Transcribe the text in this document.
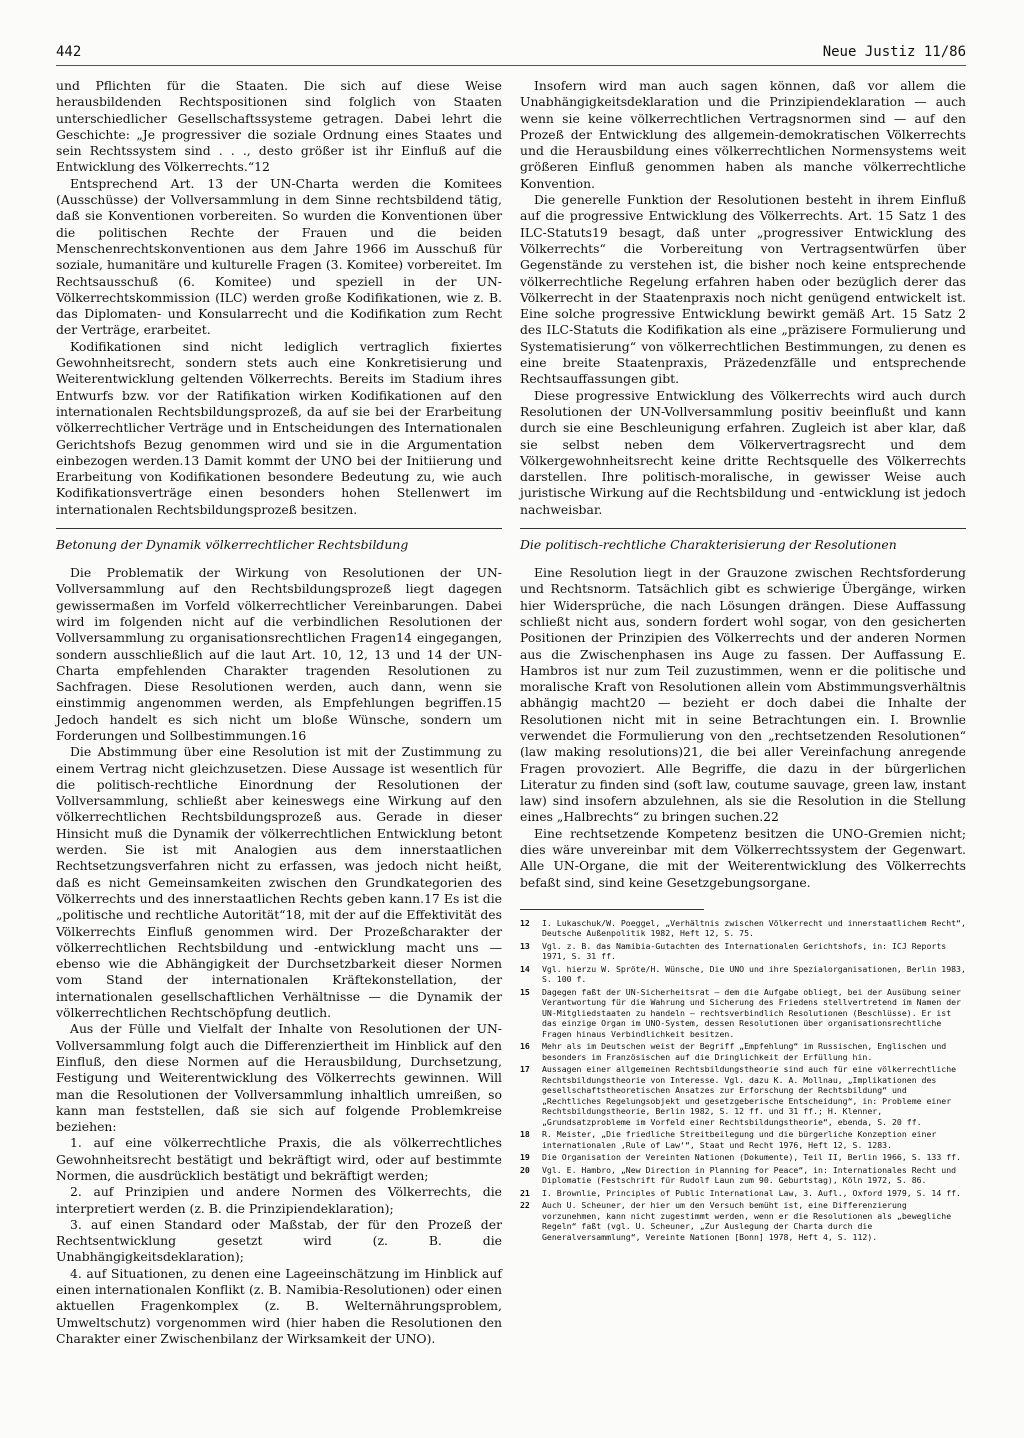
442	Neue Justiz 11/86

und Pflichten für die Staaten. Die sich auf diese Weise herausbildenden Rechtspositionen sind folglich von Staaten unterschiedlicher Gesellschaftssysteme getragen. Dabei lehrt die Geschichte: „Je progressiver die soziale Ordnung eines Staates und sein Rechtssystem sind . . ., desto größer ist ihr Einfluß auf die Entwicklung des Völkerrechts.“12

Entsprechend Art. 13 der UN-Charta werden die Komitees (Ausschüsse) der Vollversammlung in dem Sinne rechtsbildend tätig, daß sie Konventionen vorbereiten. So wurden die Konventionen über die politischen Rechte der Frauen und die beiden Menschenrechtskonventionen aus dem Jahre 1966 im Ausschuß für soziale, humanitäre und kulturelle Fragen (3. Komitee) vorbereitet. Im Rechtsausschuß (6. Komitee) und speziell in der UN-Völkerrechtskommission (ILC) werden große Kodifikationen, wie z. B. das Diplomaten- und Konsularrecht und die Kodifikation zum Recht der Verträge, erarbeitet.

Kodifikationen sind nicht lediglich vertraglich fixiertes Gewohnheitsrecht, sondern stets auch eine Konkretisierung und Weiterentwicklung geltenden Völkerrechts. Bereits im Stadium ihres Entwurfs bzw. vor der Ratifikation wirken Kodifikationen auf den internationalen Rechtsbildungsprozeß, da auf sie bei der Erarbeitung völkerrechtlicher Verträge und in Entscheidungen des Internationalen Gerichtshofs Bezug genommen wird und sie in die Argumentation einbezogen werden.13 Damit kommt der UNO bei der Initiierung und Erarbeitung von Kodifikationen besondere Bedeutung zu, wie auch Kodifikationsverträge einen besonders hohen Stellenwert im internationalen Rechtsbildungsprozeß besitzen.

Betonung der Dynamik völkerrechtlicher Rechtsbildung

Die Problematik der Wirkung von Resolutionen der UN-Vollversammlung auf den Rechtsbildungsprozeß liegt dagegen gewissermaßen im Vorfeld völkerrechtlicher Vereinbarungen. Dabei wird im folgenden nicht auf die verbindlichen Resolutionen der Vollversammlung zu organisationsrechtlichen Fragen14 eingegangen, sondern ausschließlich auf die laut Art. 10, 12, 13 und 14 der UN-Charta empfehlenden Charakter tragenden Resolutionen zu Sachfragen. Diese Resolutionen werden, auch dann, wenn sie einstimmig angenommen werden, als Empfehlungen begriffen.15 Jedoch handelt es sich nicht um bloße Wünsche, sondern um Forderungen und Sollbestimmungen.16

Die Abstimmung über eine Resolution ist mit der Zustimmung zu einem Vertrag nicht gleichzusetzen. Diese Aussage ist wesentlich für die politisch-rechtliche Einordnung der Resolutionen der Vollversammlung, schließt aber keineswegs eine Wirkung auf den völkerrechtlichen Rechtsbildungsprozeß aus. Gerade in dieser Hinsicht muß die Dynamik der völkerrechtlichen Entwicklung betont werden. Sie ist mit Analogien aus dem innerstaatlichen Rechtsetzungsverfahren nicht zu erfassen, was jedoch nicht heißt, daß es nicht Gemeinsamkeiten zwischen den Grundkategorien des Völkerrechts und des innerstaatlichen Rechts geben kann.17 Es ist die „politische und rechtliche Autorität“18, mit der auf die Effektivität des Völkerrechts Einfluß genommen wird. Der Prozeßcharakter der völkerrechtlichen Rechtsbildung und -entwicklung macht uns — ebenso wie die Abhängigkeit der Durchsetzbarkeit dieser Normen vom Stand der internationalen Kräftekonstellation, der internationalen gesellschaftlichen Verhältnisse — die Dynamik der völkerrechtlichen Rechtschöpfung deutlich.

Aus der Fülle und Vielfalt der Inhalte von Resolutionen der UN-Vollversammlung folgt auch die Differenziertheit im Hinblick auf den Einfluß, den diese Normen auf die Herausbildung, Durchsetzung, Festigung und Weiterentwicklung des Völkerrechts gewinnen. Will man die Resolutionen der Vollversammlung inhaltlich umreißen, so kann man feststellen, daß sie sich auf folgende Problemkreise beziehen:

1. auf eine völkerrechtliche Praxis, die als völkerrechtliches Gewohnheitsrecht bestätigt und bekräftigt wird, oder auf bestimmte Normen, die ausdrücklich bestätigt und bekräftigt werden;

2. auf Prinzipien und andere Normen des Völkerrechts, die interpretiert werden (z. B. die Prinzipiendeklaration);

3. auf einen Standard oder Maßstab, der für den Prozeß der Rechtsentwicklung gesetzt wird (z. B. die Unabhängigkeitsdeklaration);

4. auf Situationen, zu denen eine Lageeinschätzung im Hinblick auf einen internationalen Konflikt (z. B. Namibia-Resolutionen) oder einen aktuellen Fragenkomplex (z. B. Welternährungsproblem, Umweltschutz) vorgenommen wird (hier haben die Resolutionen den Charakter einer Zwischenbilanz der Wirksamkeit der UNO).

Insofern wird man auch sagen können, daß vor allem die Unabhängigkeitsdeklaration und die Prinzipiendeklaration — auch wenn sie keine völkerrechtlichen Vertragsnormen sind — auf den Prozeß der Entwicklung des allgemein-demokratischen Völkerrechts und die Herausbildung eines völkerrechtlichen Normensystems weit größeren Einfluß genommen haben als manche völkerrechtliche Konvention.

Die generelle Funktion der Resolutionen besteht in ihrem Einfluß auf die progressive Entwicklung des Völkerrechts. Art. 15 Satz 1 des ILC-Statuts19 besagt, daß unter „progressiver Entwicklung des Völkerrechts“ die Vorbereitung von Vertragsentwürfen über Gegenstände zu verstehen ist, die bisher noch keine entsprechende völkerrechtliche Regelung erfahren haben oder bezüglich derer das Völkerrecht in der Staatenpraxis noch nicht genügend entwickelt ist. Eine solche progressive Entwicklung bewirkt gemäß Art. 15 Satz 2 des ILC-Statuts die Kodifikation als eine „präzisere Formulierung und Systematisierung“ von völkerrechtlichen Bestimmungen, zu denen es eine breite Staatenpraxis, Präzedenzfälle und entsprechende Rechtsauffassungen gibt.

Diese progressive Entwicklung des Völkerrechts wird auch durch Resolutionen der UN-Vollversammlung positiv beeinflußt und kann durch sie eine Beschleunigung erfahren. Zugleich ist aber klar, daß sie selbst neben dem Völkervertragsrecht und dem Völkergewohnheitsrecht keine dritte Rechtsquelle des Völkerrechts darstellen. Ihre politisch-moralische, in gewisser Weise auch juristische Wirkung auf die Rechtsbildung und -entwicklung ist jedoch nachweisbar.

Die politisch-rechtliche Charakterisierung der Resolutionen

Eine Resolution liegt in der Grauzone zwischen Rechtsforderung und Rechtsnorm. Tatsächlich gibt es schwierige Übergänge, wirken hier Widersprüche, die nach Lösungen drängen. Diese Auffassung schließt nicht aus, sondern fordert wohl sogar, von den gesicherten Positionen der Prinzipien des Völkerrechts und der anderen Normen aus die Zwischenphasen ins Auge zu fassen. Der Auffassung E. Hambros ist nur zum Teil zuzustimmen, wenn er die politische und moralische Kraft von Resolutionen allein vom Abstimmungsverhältnis abhängig macht20 — bezieht er doch dabei die Inhalte der Resolutionen nicht mit in seine Betrachtungen ein. I. Brownlie verwendet die Formulierung von den „rechtsetzenden Resolutionen“ (law making resolutions)21, die bei aller Vereinfachung anregende Fragen provoziert. Alle Begriffe, die dazu in der bürgerlichen Literatur zu finden sind (soft law, coutume sauvage, green law, instant law) sind insofern abzulehnen, als sie die Resolution in die Stellung eines „Halbrechts“ zu bringen suchen.22

Eine rechtsetzende Kompetenz besitzen die UNO-Gremien nicht; dies wäre unvereinbar mit dem Völkerrechtssystem der Gegenwart. Alle UN-Organe, die mit der Weiterentwicklung des Völkerrechts befaßt sind, sind keine Gesetzgebungsorgane.

12	I. Lukaschuk/W. Poeggel, „Verhältnis zwischen Völkerrecht und innerstaatlichem Recht“, Deutsche Außenpolitik 1982, Heft 12, S. 75.
13	Vgl. z. B. das Namibia-Gutachten des Internationalen Gerichtshofs, in: ICJ Reports 1971, S. 31 ff.
14	Vgl. hierzu W. Spröte/H. Wünsche, Die UNO und ihre Spezialorganisationen, Berlin 1983, S. 100 f.
15	Dagegen faßt der UN-Sicherheitsrat — dem die Aufgabe obliegt, bei der Ausübung seiner Verantwortung für die Wahrung und Sicherung des Friedens stellvertretend im Namen der UN-Mitgliedstaaten zu handeln — rechtsverbindlich Resolutionen (Beschlüsse). Er ist das einzige Organ im UNO-System, dessen Resolutionen über organisationsrechtliche Fragen hinaus Verbindlichkeit besitzen.
16	Mehr als im Deutschen weist der Begriff „Empfehlung“ im Russischen, Englischen und besonders im Französischen auf die Dringlichkeit der Erfüllung hin.
17	Aussagen einer allgemeinen Rechtsbildungstheorie sind auch für eine völkerrechtliche Rechtsbildungstheorie von Interesse. Vgl. dazu K. A. Mollnau, „Implikationen des gesellschaftstheoretischen Ansatzes zur Erforschung der Rechtsbildung“ und „Rechtliches Regelungsobjekt und gesetzgeberische Entscheidung“, in: Probleme einer Rechtsbildungstheorie, Berlin 1982, S. 12 ff. und 31 ff.; H. Klenner, „Grundsatzprobleme im Vorfeld einer Rechtsbildungstheorie“, ebenda, S. 20 ff.
18	R. Meister, „Die friedliche Streitbeilegung und die bürgerliche Konzeption einer internationalen ‚Rule of Law‘“, Staat und Recht 1976, Heft 12, S. 1283.
19	Die Organisation der Vereinten Nationen (Dokumente), Teil II, Berlin 1966, S. 133 ff.
20	Vgl. E. Hambro, „New Direction in Planning for Peace“, in: Internationales Recht und Diplomatie (Festschrift für Rudolf Laun zum 90. Geburtstag), Köln 1972, S. 86.
21	I. Brownlie, Principles of Public International Law, 3. Aufl., Oxford 1979, S. 14 ff.
22	Auch U. Scheuner, der hier um den Versuch bemüht ist, eine Differenzierung vorzunehmen, kann nicht zugestimmt werden, wenn er die Resolutionen als „bewegliche Regeln“ faßt (vgl. U. Scheuner, „Zur Auslegung der Charta durch die Generalversammlung“, Vereinte Nationen [Bonn] 1978, Heft 4, S. 112).
